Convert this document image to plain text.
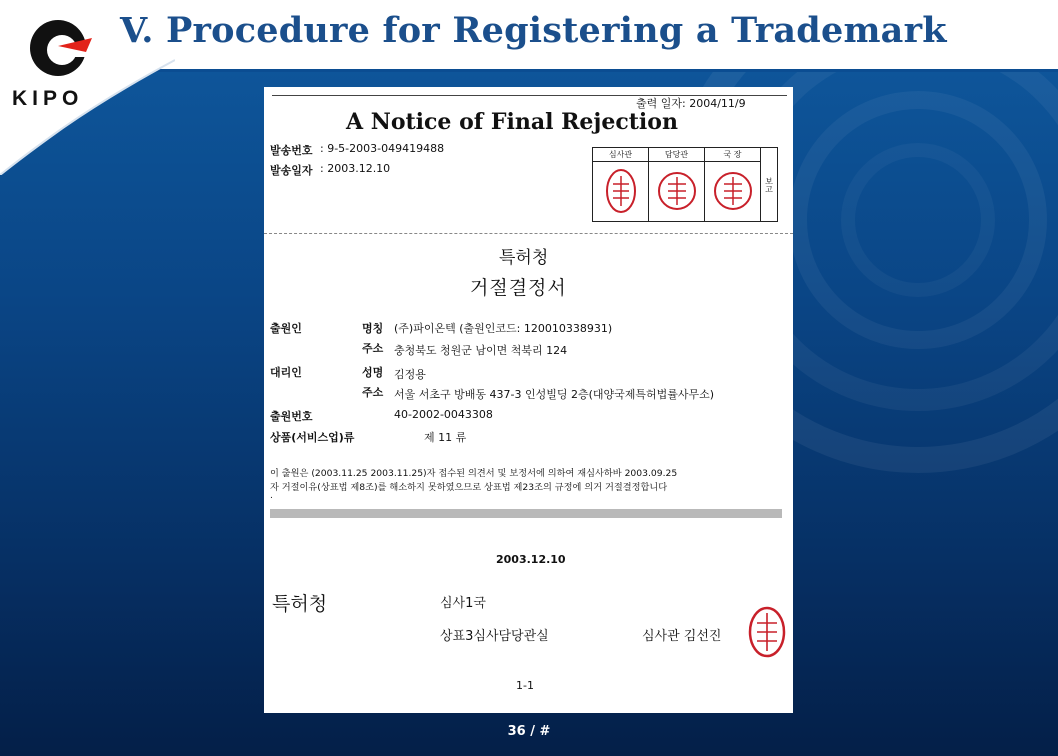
KIPO
V. Procedure for Registering a Trademark
출력 일자: 2004/11/9
A Notice of Final Rejection
발송번호 : 9-5-2003-049419488
발송일자 : 2003.12.10
심사관	담당관	국 장	보고

특허청
거절결정서
출원인	명칭 (주)파이온텍 (출원인코드: 120010338931)
주소 충청북도 청원군 남이면 척북리 124
대리인	성명 김정용
주소 서울 서초구 방배동 437-3 인성빌딩 2층(대양국제특허법률사무소)
출원번호	40-2002-0043308
상품(서비스업)류	제 11 류
이 출원은 (2003.11.25 2003.11.25)자 접수된 의견서 및 보정서에 의하여 재심사하바 2003.09.25
자 거절이유(상표법 제8조)를 해소하지 못하였으므로 상표법 제23조의 규정에 의거 거절결정합니다
.
2003.12.10
특허청	심사1국
상표3심사담당관실	심사관 김선진
1-1
36 / #
